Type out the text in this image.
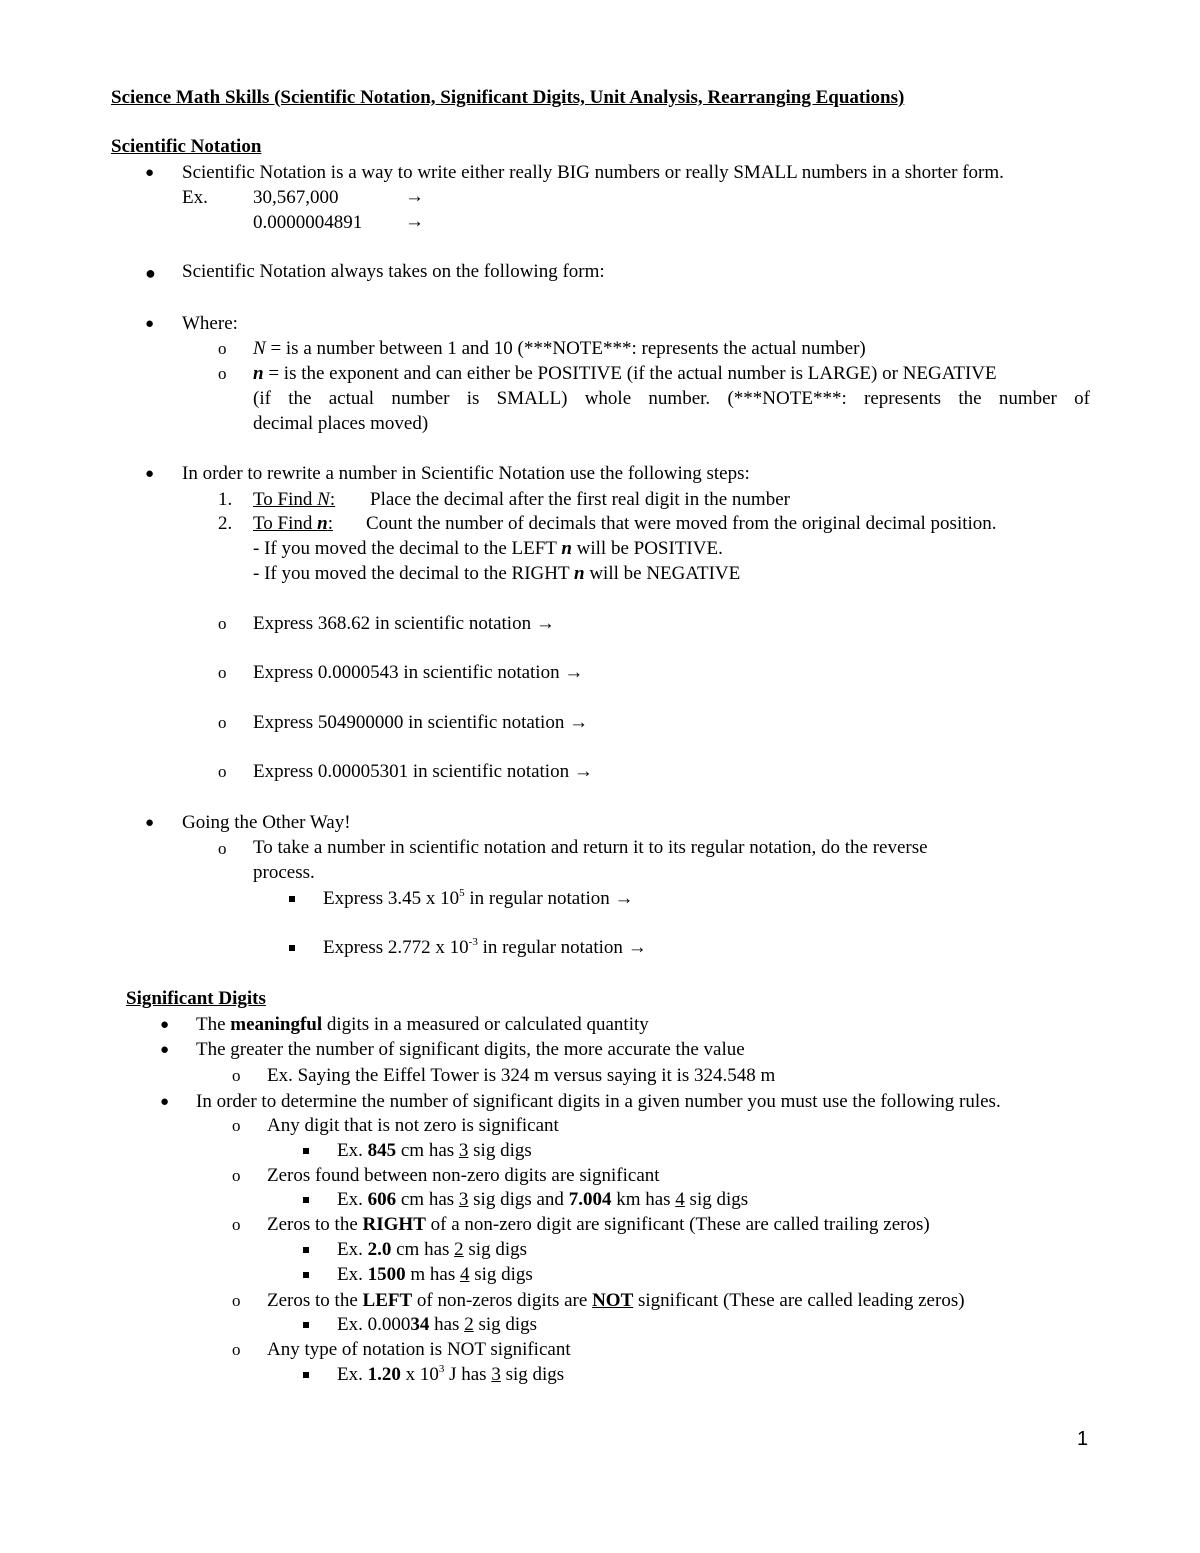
Science Math Skills (Scientific Notation, Significant Digits, Unit Analysis, Rearranging Equations)
Scientific Notation
● Scientific Notation is a way to write either really BIG numbers or really SMALL numbers in a shorter form.
Ex. 30,567,000	→
0.0000004891 →
● Scientific Notation always takes on the following form:
● Where:
o N = is a number between 1 and 10 (***NOTE***: represents the actual number)
o n = is the exponent and can either be POSITIVE (if the actual number is LARGE) or NEGATIVE
(if the actual number is SMALL) whole number. (***NOTE***: represents the number of
decimal places moved)
● In order to rewrite a number in Scientific Notation use the following steps:
1. To Find N: Place the decimal after the first real digit in the number
2. To Find n: Count the number of decimals that were moved from the original decimal position.
- If you moved the decimal to the LEFT n will be POSITIVE.
- If you moved the decimal to the RIGHT n will be NEGATIVE
o Express 368.62 in scientific notation →
o Express 0.0000543 in scientific notation →
o Express 504900000 in scientific notation →
o Express 0.00005301 in scientific notation →
● Going the Other Way!
o To take a number in scientific notation and return it to its regular notation, do the reverse
process.
Express 3.45 x $10^5$ in regular notation →
Express 2.772 x $10^{-3}$ in regular notation →
Significant Digits
● The meaningful digits in a measured or calculated quantity
● The greater the number of significant digits, the more accurate the value
o Ex. Saying the Eiffel Tower is 324 m versus saying it is 324.548 m
● In order to determine the number of significant digits in a given number you must use the following rules.
o Any digit that is not zero is significant
Ex. 845 cm has 3 sig digs
o Zeros found between non-zero digits are significant
Ex. 606 cm has 3 sig digs and 7.004 km has 4 sig digs
o Zeros to the RIGHT of a non-zero digit are significant (These are called trailing zeros)
Ex. 2.0 cm has 2 sig digs
Ex. 1500 m has 4 sig digs
o Zeros to the LEFT of non-zeros digits are NOT significant (These are called leading zeros)
Ex. 0.00034 has 2 sig digs
o Any type of notation is NOT significant
Ex. 1.20 x $10^3$ J has 3 sig digs
1
